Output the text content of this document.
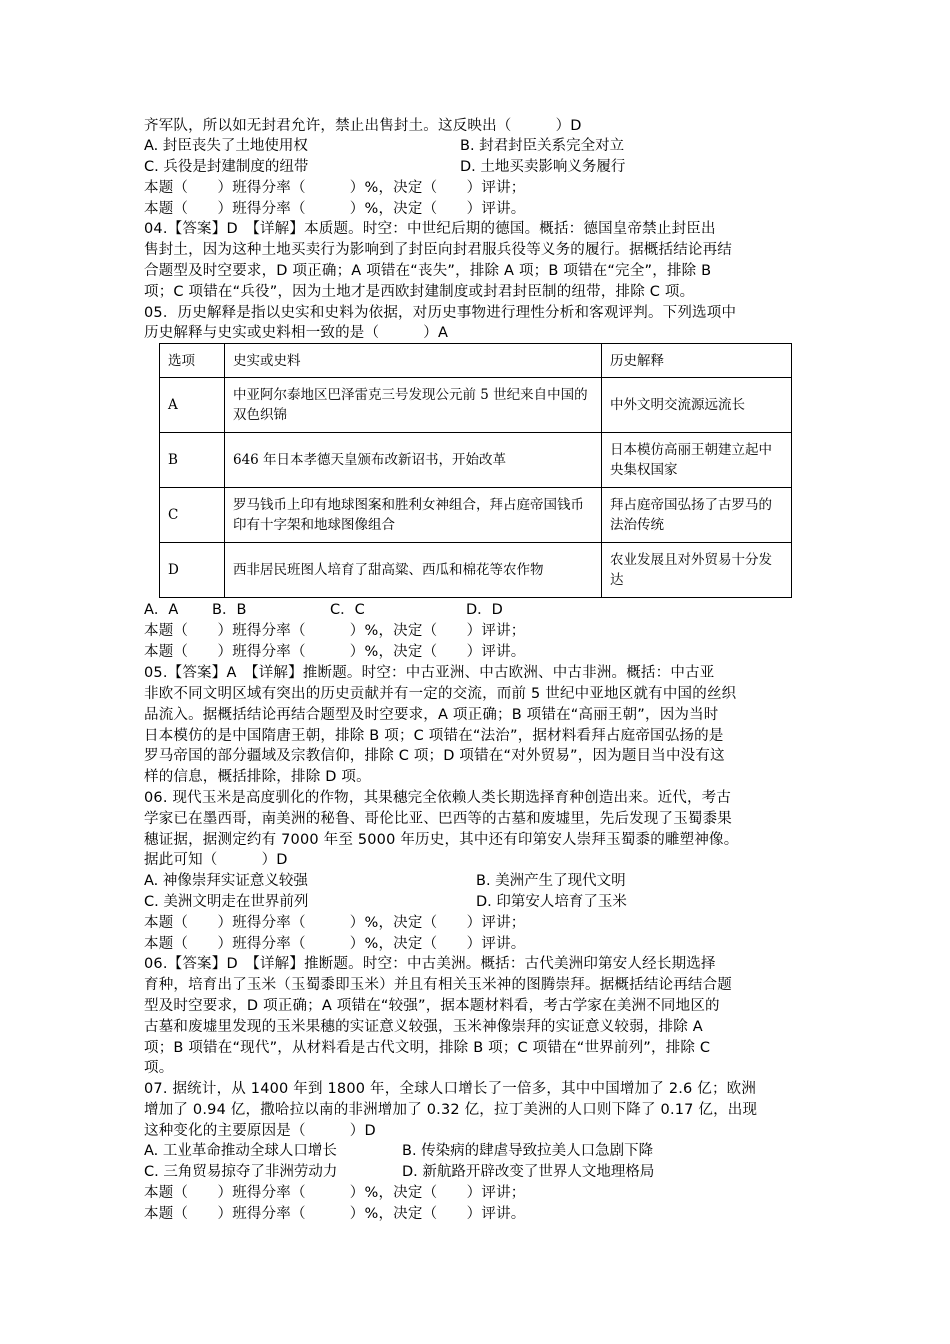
齐军队，所以如无封君允许，禁止出售封土。这反映出（　　　）D
A. 封臣丧失了土地使用权	B. 封君封臣关系完全对立
C. 兵役是封建制度的纽带	D. 土地买卖影响义务履行
本题（　　）班得分率（　　　）%，决定（　　）评讲；
本题（　　）班得分率（　　　）%，决定（　　）评讲。
04.【答案】D　【详解】本质题。时空：中世纪后期的德国。概括：德国皇帝禁止封臣出
售封土，因为这种土地买卖行为影响到了封臣向封君服兵役等义务的履行。据概括结论再结
合题型及时空要求，D 项正确；A 项错在“丧失”，排除 A 项；B 项错在“完全”，排除 B
项；C 项错在“兵役”，因为土地才是西欧封建制度或封君封臣制的纽带，排除 C 项。
05．历史解释是指以史实和史料为依据，对历史事物进行理性分析和客观评判。下列选项中
历史解释与史实或史料相一致的是（　　　）A
选项	史实或史料	历史解释
A	中亚阿尔泰地区巴泽雷克三号发现公元前 5 世纪来自中国的双色织锦	中外文明交流源远流长
B	646 年日本孝德天皇颁布改新诏书，开始改革	日本模仿高丽王朝建立起中央集权国家
C	罗马钱币上印有地球图案和胜利女神组合，拜占庭帝国钱币印有十字架和地球图像组合	拜占庭帝国弘扬了古罗马的法治传统
D	西非居民班图人培育了甜高粱、西瓜和棉花等农作物	农业发展且对外贸易十分发达
A．A B．B	C．C	D．D
本题（　　）班得分率（　　　）%，决定（　　）评讲；
本题（　　）班得分率（　　　）%，决定（　　）评讲。
05.【答案】A　【详解】推断题。时空：中古亚洲、中古欧洲、中古非洲。概括：中古亚
非欧不同文明区域有突出的历史贡献并有一定的交流，而前 5 世纪中亚地区就有中国的丝织
品流入。据概括结论再结合题型及时空要求，A 项正确；B 项错在“高丽王朝”，因为当时
日本模仿的是中国隋唐王朝，排除 B 项；C 项错在“法治”，据材料看拜占庭帝国弘扬的是
罗马帝国的部分疆域及宗教信仰，排除 C 项；D 项错在“对外贸易”，因为题目当中没有这
样的信息，概括排除，排除 D 项。
06. 现代玉米是高度驯化的作物，其果穗完全依赖人类长期选择育种创造出来。近代，考古
学家已在墨西哥，南美洲的秘鲁、哥伦比亚、巴西等的古墓和废墟里，先后发现了玉蜀黍果
穗证据，据测定约有 7000 年至 5000 年历史，其中还有印第安人崇拜玉蜀黍的雕塑神像。
据此可知（　　　）D
A. 神像崇拜实证意义较强	B. 美洲产生了现代文明
C. 美洲文明走在世界前列	D. 印第安人培育了玉米
本题（　　）班得分率（　　　）%，决定（　　）评讲；
本题（　　）班得分率（　　　）%，决定（　　）评讲。
06.【答案】D　【详解】推断题。时空：中古美洲。概括：古代美洲印第安人经长期选择
育种，培育出了玉米（玉蜀黍即玉米）并且有相关玉米神的图腾崇拜。据概括结论再结合题
型及时空要求，D 项正确；A 项错在“较强”，据本题材料看，考古学家在美洲不同地区的
古墓和废墟里发现的玉米果穗的实证意义较强，玉米神像崇拜的实证意义较弱，排除 A
项；B 项错在“现代”，从材料看是古代文明，排除 B 项；C 项错在“世界前列”，排除 C
项。
07. 据统计，从 1400 年到 1800 年，全球人口增长了一倍多，其中中国增加了 2.6 亿；欧洲
增加了 0.94 亿，撒哈拉以南的非洲增加了 0.32 亿，拉丁美洲的人口则下降了 0.17 亿，出现
这种变化的主要原因是（　　　）D
A. 工业革命推动全球人口增长	B. 传染病的肆虐导致拉美人口急剧下降
C. 三角贸易掠夺了非洲劳动力	D. 新航路开辟改变了世界人文地理格局
本题（　　）班得分率（　　　）%，决定（　　）评讲；
本题（　　）班得分率（　　　）%，决定（　　）评讲。
